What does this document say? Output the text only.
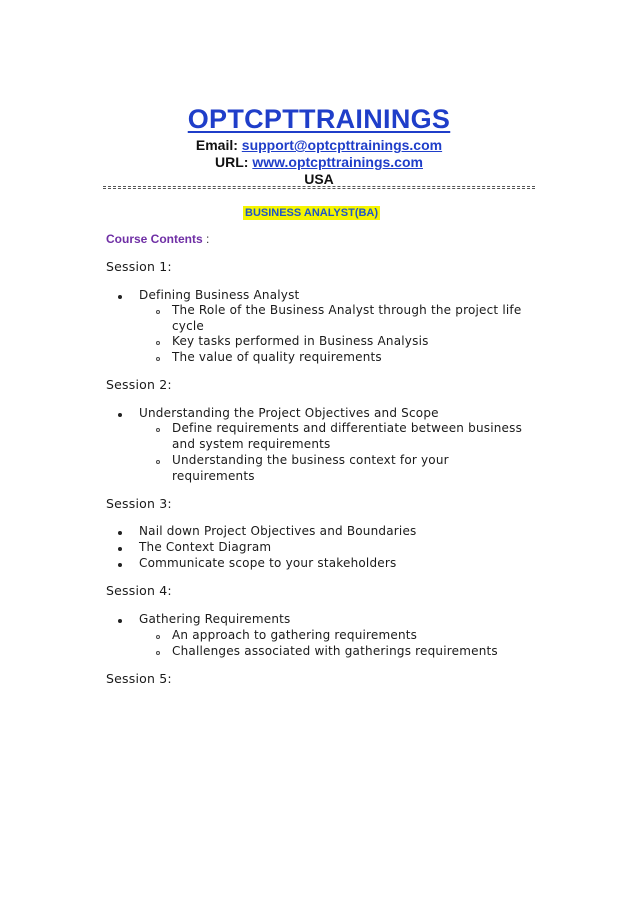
OPTCPTTRAININGS
Email: support@optcpttrainings.com
URL: www.optcpttrainings.com
USA
BUSINESS ANALYST(BA)
Course Contents :
Session 1:
Defining Business Analyst
The Role of the Business Analyst through the project life cycle
Key tasks performed in Business Analysis
The value of quality requirements
Session 2:
Understanding the Project Objectives and Scope
Define requirements and differentiate between business and system requirements
Understanding the business context for your requirements
Session 3:
Nail down Project Objectives and Boundaries
The Context Diagram
Communicate scope to your stakeholders
Session 4:
Gathering Requirements
An approach to gathering requirements
Challenges associated with gatherings requirements
Session 5:
